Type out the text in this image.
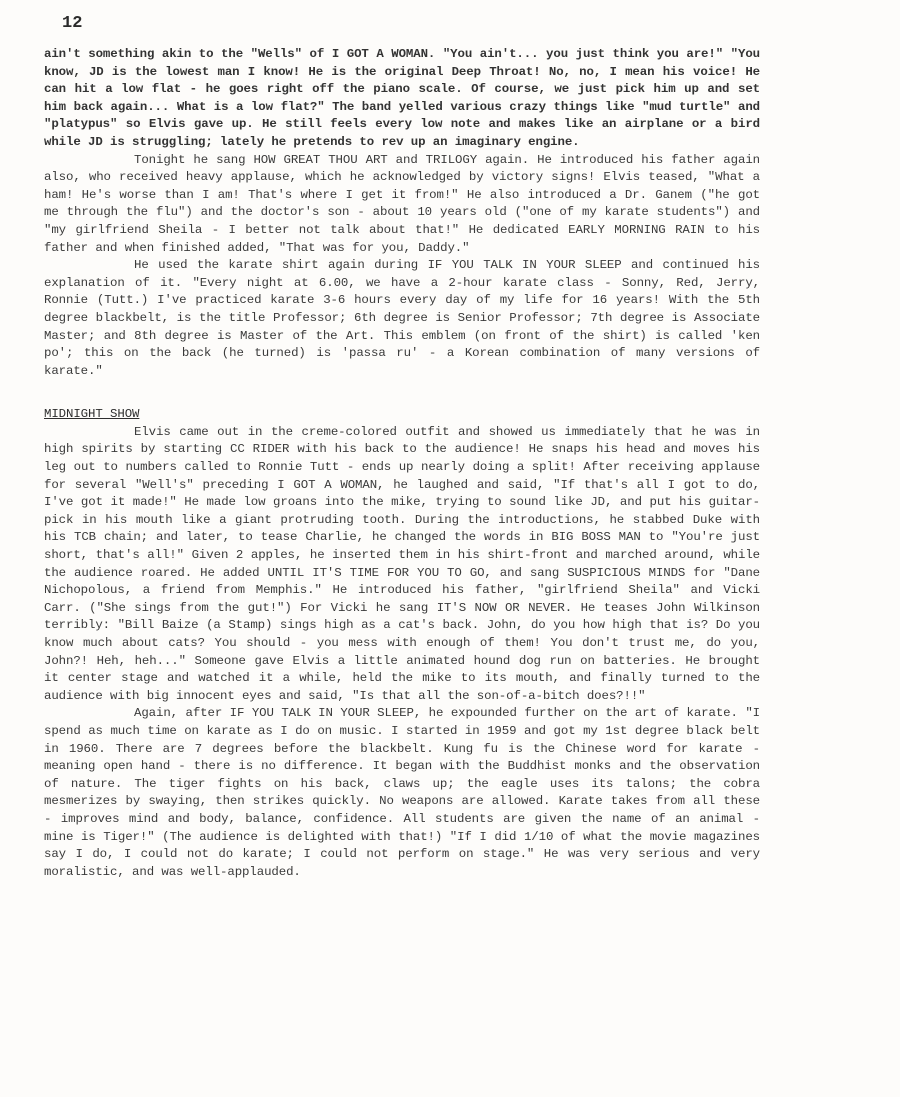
12

ain't something akin to the "Wells" of I GOT A WOMAN. "You ain't... you just think you are!" "You know, JD is the lowest man I know! He is the original Deep Throat! No, no, I mean his voice! He can hit a low flat - he goes right off the piano scale. Of course, we just pick him up and set him back again... What is a low flat?" The band yelled various crazy things like "mud turtle" and "platypus" so Elvis gave up. He still feels every low note and makes like an airplane or a bird while JD is struggling; lately he pretends to rev up an imaginary engine.

Tonight he sang HOW GREAT THOU ART and TRILOGY again. He introduced his father again also, who received heavy applause, which he acknowledged by victory signs! Elvis teased, "What a ham! He's worse than I am! That's where I get it from!" He also introduced a Dr. Ganem ("he got me through the flu") and the doctor's son - about 10 years old ("one of my karate students") and "my girlfriend Sheila - I better not talk about that!" He dedicated EARLY MORNING RAIN to his father and when finished added, "That was for you, Daddy."

He used the karate shirt again during IF YOU TALK IN YOUR SLEEP and continued his explanation of it. "Every night at 6.00, we have a 2-hour karate class - Sonny, Red, Jerry, Ronnie (Tutt.) I've practiced karate 3-6 hours every day of my life for 16 years! With the 5th degree blackbelt, is the title Professor; 6th degree is Senior Professor; 7th degree is Associate Master; and 8th degree is Master of the Art. This emblem (on front of the shirt) is called 'ken po'; this on the back (he turned) is 'passa ru' - a Korean combination of many versions of karate."

MIDNIGHT SHOW

Elvis came out in the creme-colored outfit and showed us immediately that he was in high spirits by starting CC RIDER with his back to the audience! He snaps his head and moves his leg out to numbers called to Ronnie Tutt - ends up nearly doing a split! After receiving applause for several "Well's" preceding I GOT A WOMAN, he laughed and said, "If that's all I got to do, I've got it made!" He made low groans into the mike, trying to sound like JD, and put his guitar-pick in his mouth like a giant protruding tooth. During the introductions, he stabbed Duke with his TCB chain; and later, to tease Charlie, he changed the words in BIG BOSS MAN to "You're just short, that's all!" Given 2 apples, he inserted them in his shirt-front and marched around, while the audience roared. He added UNTIL IT'S TIME FOR YOU TO GO, and sang SUSPICIOUS MINDS for "Dane Nichopolous, a friend from Memphis." He introduced his father, "girlfriend Sheila" and Vicki Carr. ("She sings from the gut!") For Vicki he sang IT'S NOW OR NEVER. He teases John Wilkinson terribly: "Bill Baize (a Stamp) sings high as a cat's back. John, do you how high that is? Do you know much about cats? You should - you mess with enough of them! You don't trust me, do you, John?! Heh, heh..." Someone gave Elvis a little animated hound dog run on batteries. He brought it center stage and watched it a while, held the mike to its mouth, and finally turned to the audience with big innocent eyes and said, "Is that all the son-of-a-bitch does?!!"

Again, after IF YOU TALK IN YOUR SLEEP, he expounded further on the art of karate. "I spend as much time on karate as I do on music. I started in 1959 and got my 1st degree black belt in 1960. There are 7 degrees before the blackbelt. Kung fu is the Chinese word for karate - meaning open hand - there is no difference. It began with the Buddhist monks and the observation of nature. The tiger fights on his back, claws up; the eagle uses its talons; the cobra mesmerizes by swaying, then strikes quickly. No weapons are allowed. Karate takes from all these - improves mind and body, balance, confidence. All students are given the name of an animal - mine is Tiger!" (The audience is delighted with that!) "If I did 1/10 of what the movie magazines say I do, I could not do karate; I could not perform on stage." He was very serious and very moralistic, and was well-applauded.
